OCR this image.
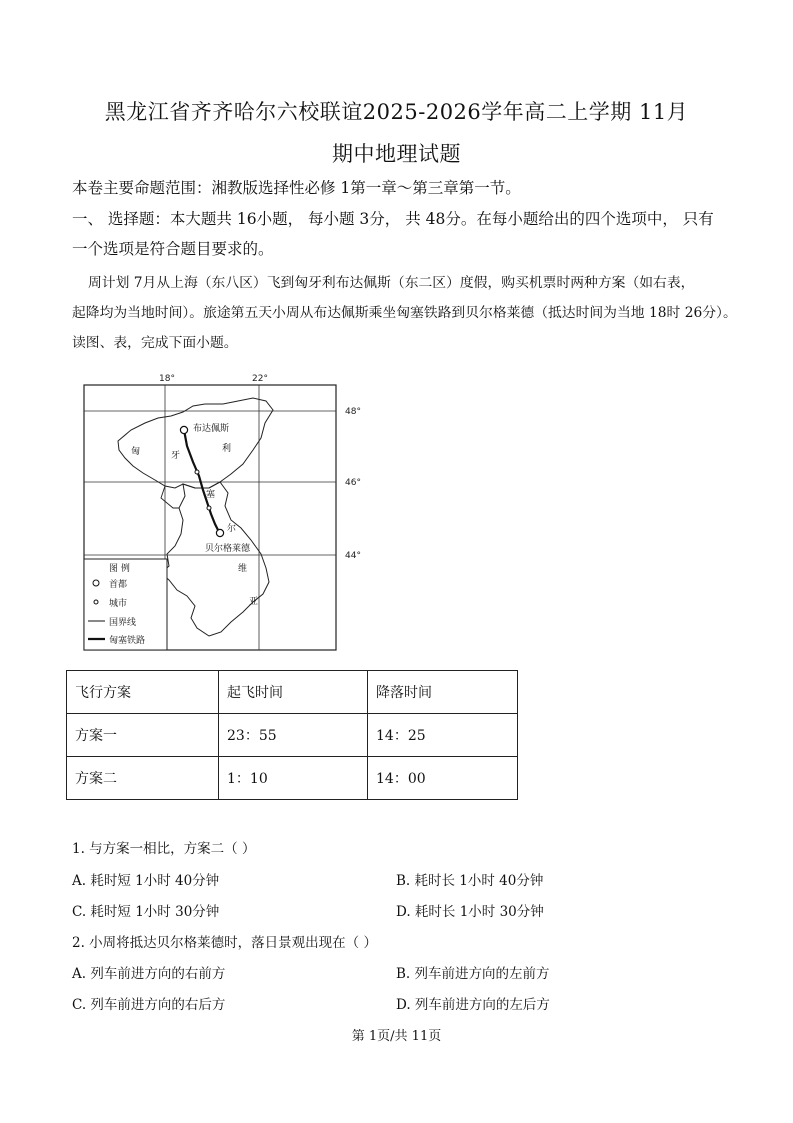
黑龙江省齐齐哈尔六校联谊2025-2026学年高二上学期 11月
期中地理试题
本卷主要命题范围：湘教版选择性必修 1第一章～第三章第一节。
一、 选择题：本大题共 16小题， 每小题 3分， 共 48分。在每小题给出的四个选项中， 只有
一个选项是符合题目要求的。
周计划 7月从上海（东八区）飞到匈牙利布达佩斯（东二区）度假，购买机票时两种方案（如右表，
起降均为当地时间）。旅途第五天小周从布达佩斯乘坐匈塞铁路到贝尔格莱德（抵达时间为当地 18时 26分）。
读图、表，完成下面小题。
18°	22°
48°
46°
44°
布达佩斯
贝尔格莱德
匈	牙
利
塞
尔
维
亚
图 例
首都
城市
国界线
匈塞铁路
飞行方案	起飞时间	降落时间
方案一	23：55	14：25
方案二	1：10	14：00
1. 与方案一相比，方案二（ ）
A. 耗时短 1小时 40分钟	B. 耗时长 1小时 40分钟
C. 耗时短 1小时 30分钟	D. 耗时长 1小时 30分钟
2. 小周将抵达贝尔格莱德时，落日景观出现在（ ）
A. 列车前进方向的右前方	B. 列车前进方向的左前方
C. 列车前进方向的右后方	D. 列车前进方向的左后方
第 1页/共 11页
